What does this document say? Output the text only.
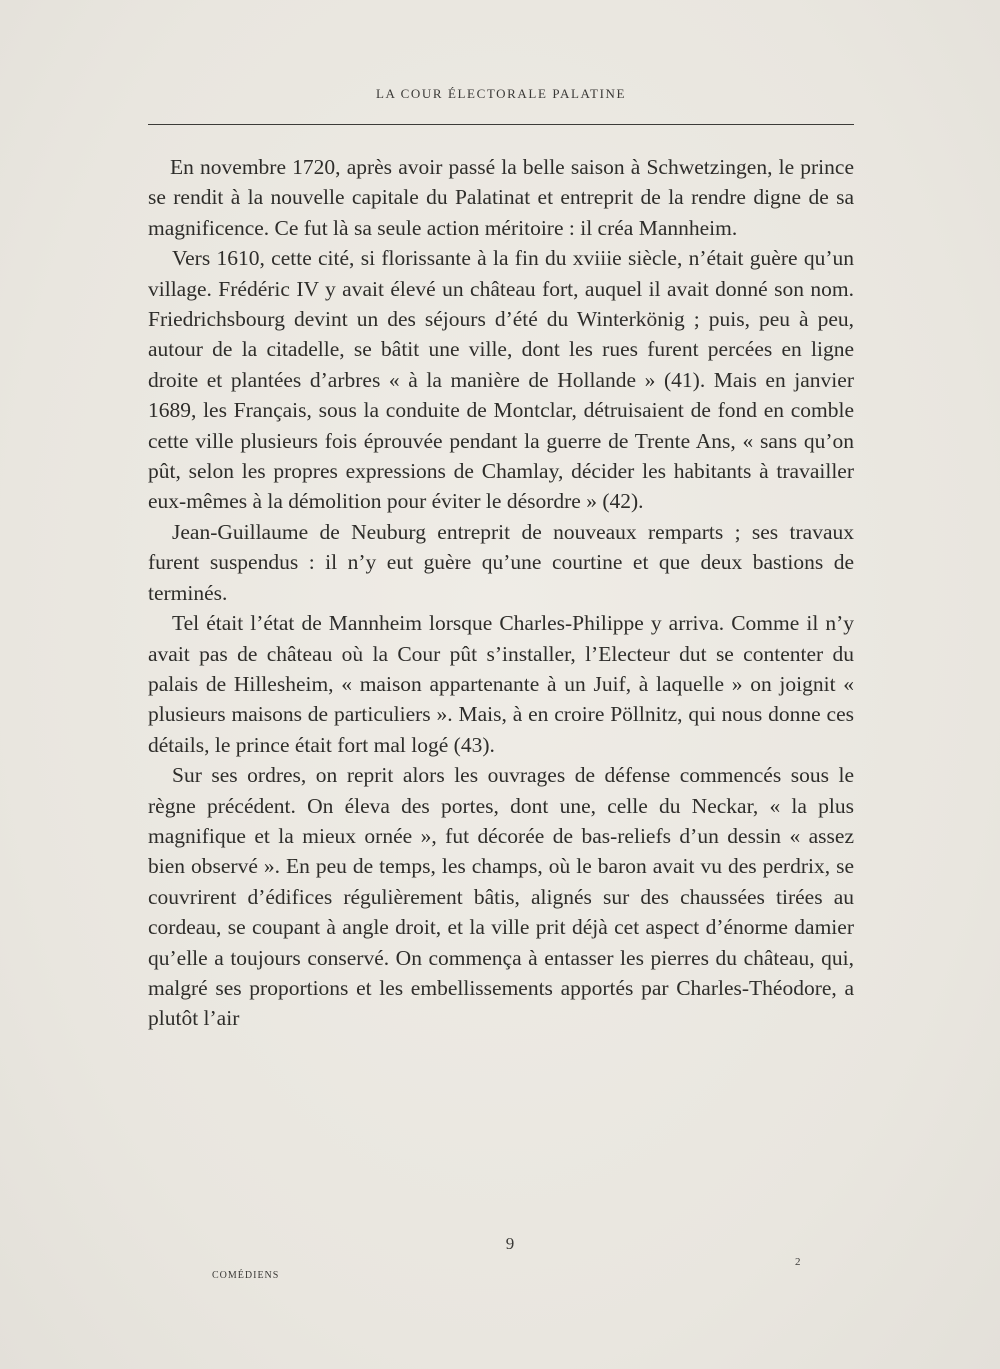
LA COUR ÉLECTORALE PALATINE

En novembre 1720, après avoir passé la belle saison à Schwetzingen, le prince se rendit à la nouvelle capitale du Palatinat et entreprit de la rendre digne de sa magnificence. Ce fut là sa seule action méritoire : il créa Mannheim.

Vers 1610, cette cité, si florissante à la fin du xviiie siècle, n’était guère qu’un village. Frédéric IV y avait élevé un château fort, auquel il avait donné son nom. Friedrichsbourg devint un des séjours d’été du Winterkönig ; puis, peu à peu, autour de la citadelle, se bâtit une ville, dont les rues furent percées en ligne droite et plantées d’arbres « à la manière de Hollande » (41). Mais en janvier 1689, les Français, sous la conduite de Montclar, détruisaient de fond en comble cette ville plusieurs fois éprouvée pendant la guerre de Trente Ans, « sans qu’on pût, selon les propres expressions de Chamlay, décider les habitants à travailler eux-mêmes à la démolition pour éviter le désordre » (42).

Jean-Guillaume de Neuburg entreprit de nouveaux remparts ; ses travaux furent suspendus : il n’y eut guère qu’une courtine et que deux bastions de terminés.

Tel était l’état de Mannheim lorsque Charles-Philippe y arriva. Comme il n’y avait pas de château où la Cour pût s’installer, l’Electeur dut se contenter du palais de Hillesheim, « maison appartenante à un Juif, à laquelle » on joignit « plusieurs maisons de particuliers ». Mais, à en croire Pöllnitz, qui nous donne ces détails, le prince était fort mal logé (43).

Sur ses ordres, on reprit alors les ouvrages de défense commencés sous le règne précédent. On éleva des portes, dont une, celle du Neckar, « la plus magnifique et la mieux ornée », fut décorée de bas-reliefs d’un dessin « assez bien observé ». En peu de temps, les champs, où le baron avait vu des perdrix, se couvrirent d’édifices régulièrement bâtis, alignés sur des chaussées tirées au cordeau, se coupant à angle droit, et la ville prit déjà cet aspect d’énorme damier qu’elle a toujours conservé. On commença à entasser les pierres du château, qui, malgré ses proportions et les embellissements apportés par Charles-Théodore, a plutôt l’air

9
2
COMÉDIENS
